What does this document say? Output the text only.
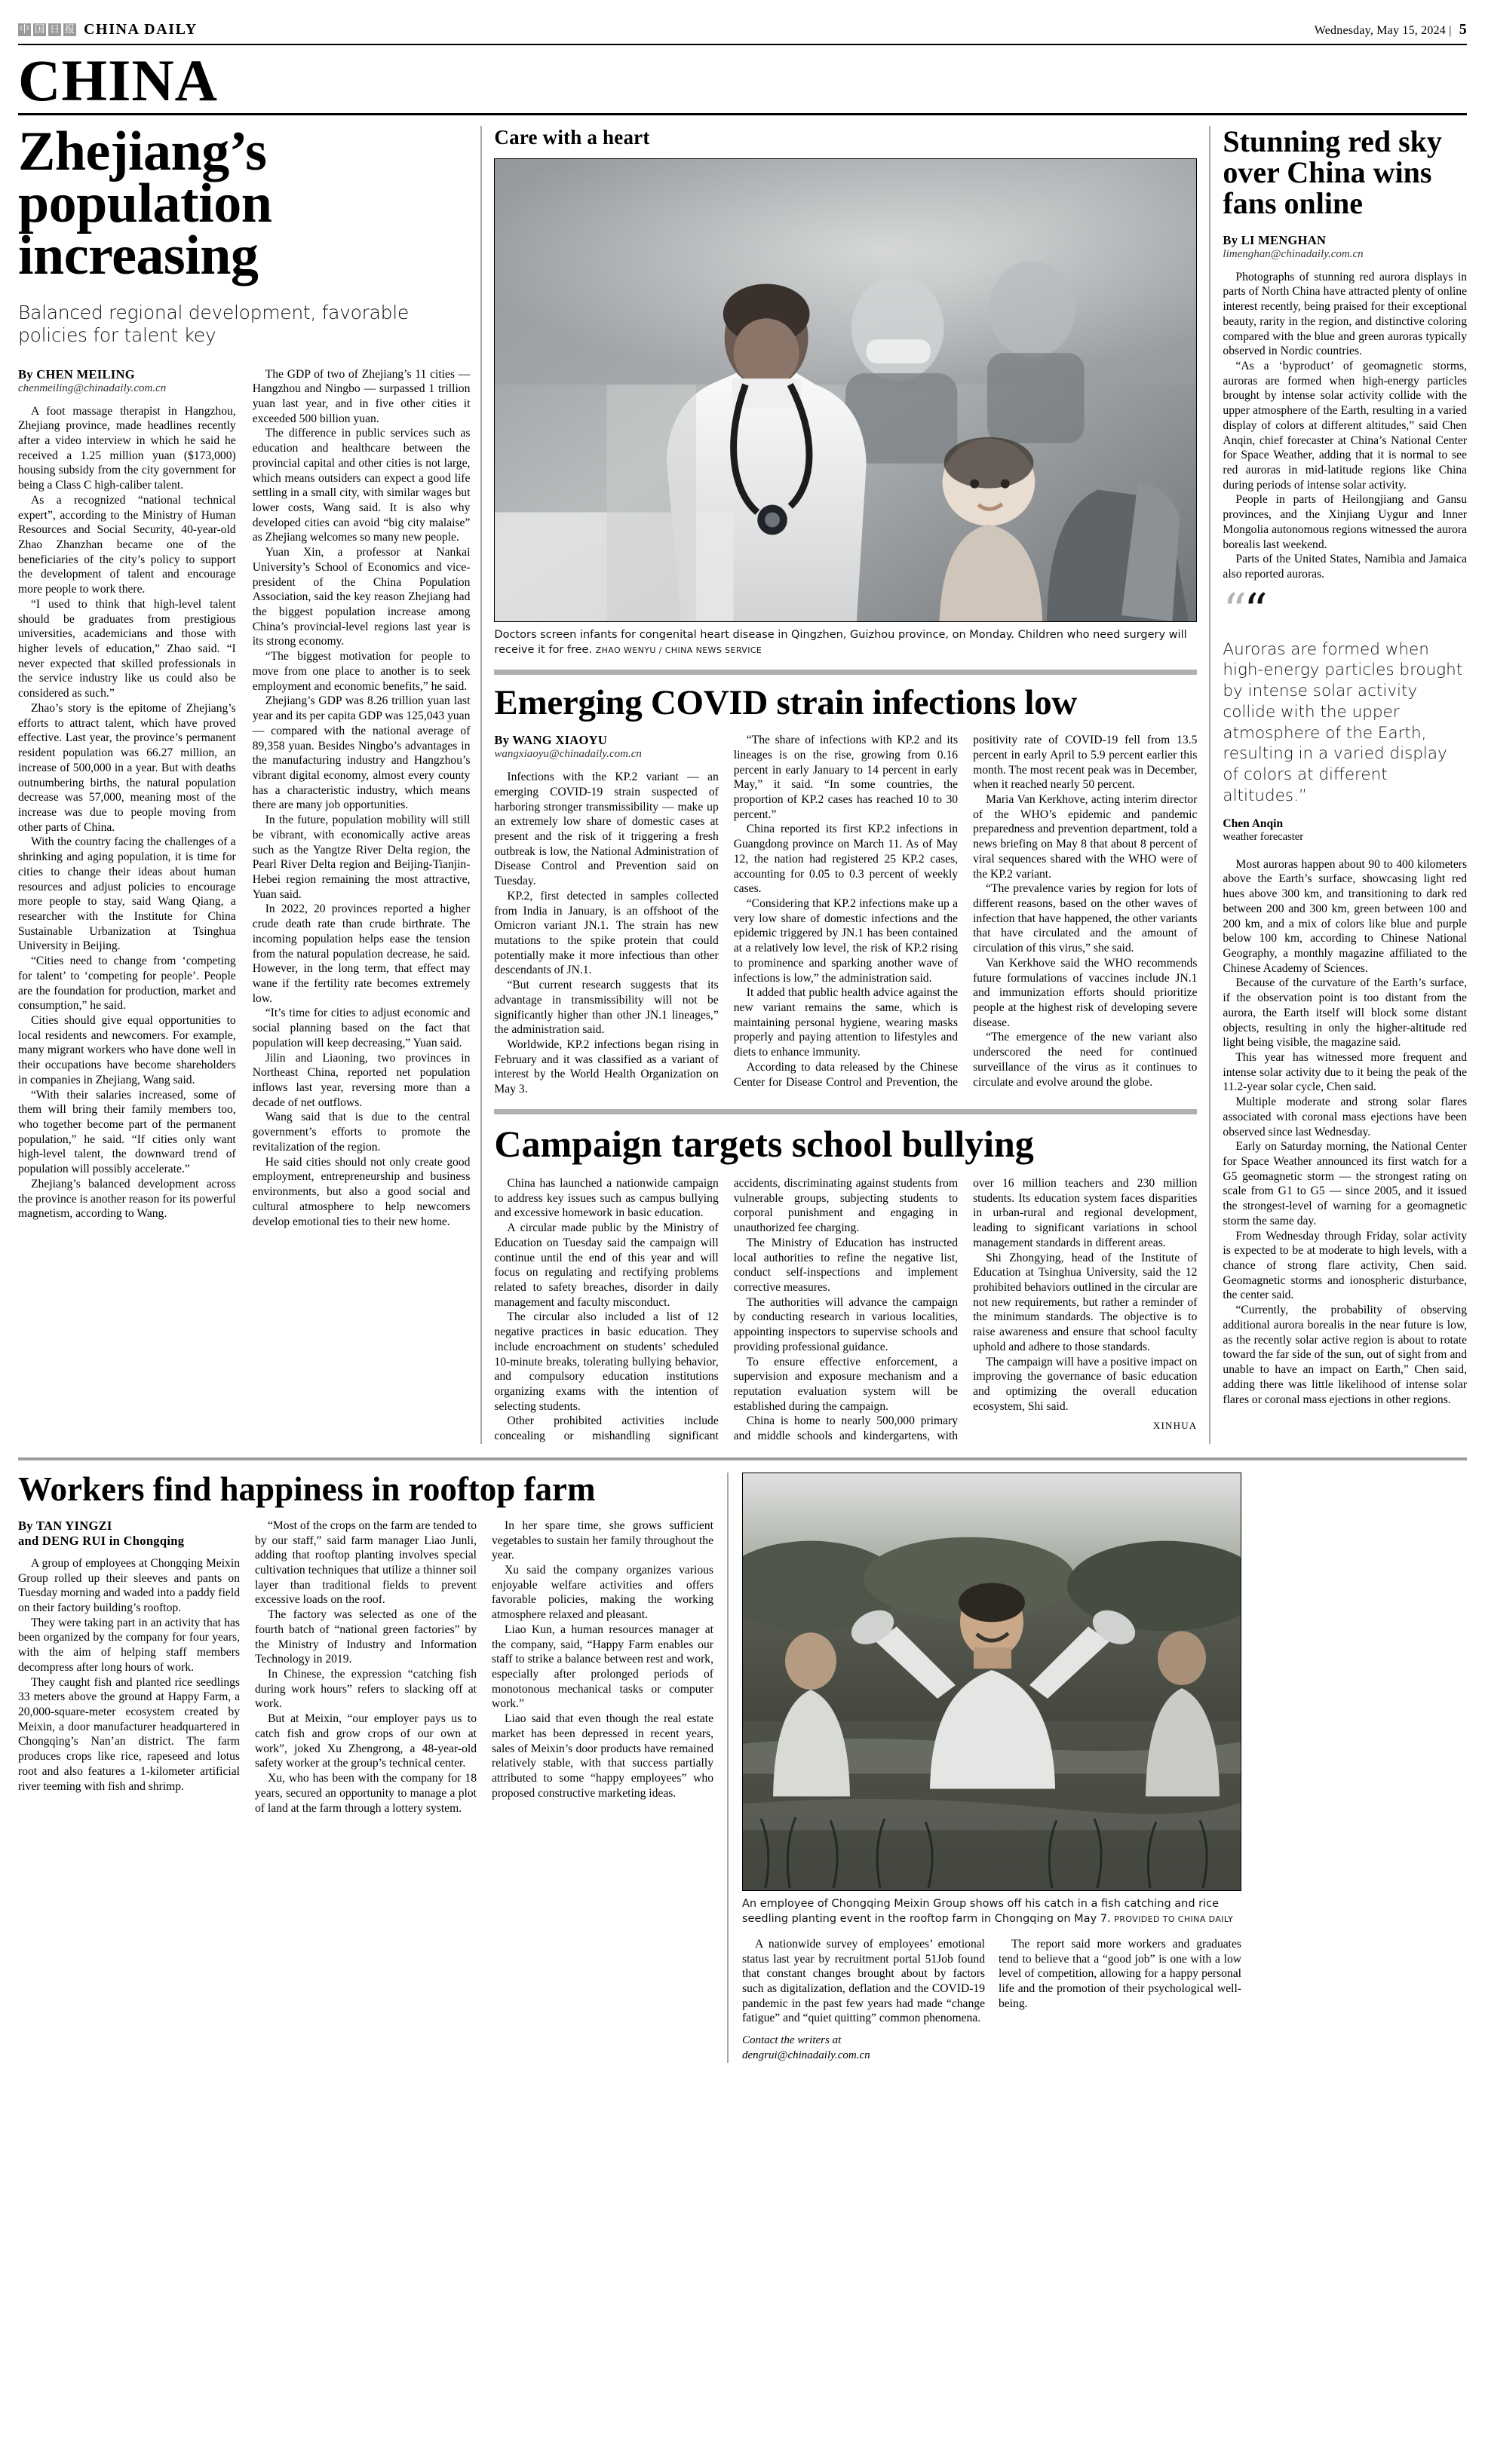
中 国 日 报 CHINA DAILY	Wednesday, May 15, 2024 | 5
CHINA
Zhejiang’s population increasing
Balanced regional development, favorable policies for talent key
By CHEN MEILING
chenmeiling@chinadaily.com.cn

A foot massage therapist in Hangzhou, Zhejiang province, made headlines recently after a video interview in which he said he received a 1.25 million yuan ($173,000) housing subsidy from the city government for being a Class C high-caliber talent.

As a recognized “national technical expert”, according to the Ministry of Human Resources and Social Security, 40-year-old Zhao Zhanzhan became one of the beneficiaries of the city’s policy to support the development of talent and encourage more people to work there.

“I used to think that high-level talent should be graduates from prestigious universities, academicians and those with higher levels of education,” Zhao said. “I never expected that skilled professionals in the service industry like us could also be considered as such.”

Zhao’s story is the epitome of Zhejiang’s efforts to attract talent, which have proved effective. Last year, the province’s permanent resident population was 66.27 million, an increase of 500,000 in a year. But with deaths outnumbering births, the natural population decrease was 57,000, meaning most of the increase was due to people moving from other parts of China.

With the country facing the challenges of a shrinking and aging population, it is time for cities to change their ideas about human resources and adjust policies to encourage more people to stay, said Wang Qiang, a researcher with the Institute for China Sustainable Urbanization at Tsinghua University in Beijing.

“Cities need to change from ‘competing for talent’ to ‘competing for people’. People are the foundation for production, market and consumption,” he said.

Cities should give equal opportunities to local residents and newcomers. For example, many migrant workers who have done well in their occupations have become shareholders in companies in Zhejiang, Wang said.

“With their salaries increased, some of them will bring their family members too, who together become part of the permanent population,” he said. “If cities only want high-level talent, the downward trend of population will possibly accelerate.”

Zhejiang’s balanced development across the province is another reason for its powerful magnetism, according to Wang.

The GDP of two of Zhejiang’s 11 cities — Hangzhou and Ningbo — surpassed 1 trillion yuan last year, and in five other cities it exceeded 500 billion yuan.

The difference in public services such as education and healthcare between the provincial capital and other cities is not large, which means outsiders can expect a good life settling in a small city, with similar wages but lower costs, Wang said. It is also why developed cities can avoid “big city malaise” as Zhejiang welcomes so many new people.

Yuan Xin, a professor at Nankai University’s School of Economics and vice-president of the China Population Association, said the key reason Zhejiang had the biggest population increase among China’s provincial-level regions last year is its strong economy.

“The biggest motivation for people to move from one place to another is to seek employment and economic benefits,” he said.

Zhejiang’s GDP was 8.26 trillion yuan last year and its per capita GDP was 125,043 yuan — compared with the national average of 89,358 yuan. Besides Ningbo’s advantages in the manufacturing industry and Hangzhou’s vibrant digital economy, almost every county has a characteristic industry, which means there are many job opportunities.

In the future, population mobility will still be vibrant, with economically active areas such as the Yangtze River Delta region, the Pearl River Delta region and Beijing-Tianjin-Hebei region remaining the most attractive, Yuan said.

In 2022, 20 provinces reported a higher crude death rate than crude birthrate. The incoming population helps ease the tension from the natural population decrease, he said. However, in the long term, that effect may wane if the fertility rate becomes extremely low.

“It’s time for cities to adjust economic and social planning based on the fact that population will keep decreasing,” Yuan said.

Jilin and Liaoning, two provinces in Northeast China, reported net population inflows last year, reversing more than a decade of net outflows.

Wang said that is due to the central government’s efforts to promote the revitalization of the region.

He said cities should not only create good employment, entrepreneurship and business environments, but also a good social and cultural atmosphere to help newcomers develop emotional ties to their new home.

Care with a heart
Doctors screen infants for congenital heart disease in Qingzhen, Guizhou province, on Monday. Children who need surgery will receive it for free. ZHAO WENYU / CHINA NEWS SERVICE
Emerging COVID strain infections low
By WANG XIAOYU
wangxiaoyu@chinadaily.com.cn

Infections with the KP.2 variant — an emerging COVID-19 strain suspected of harboring stronger transmissibility — make up an extremely low share of domestic cases at present and the risk of it triggering a fresh outbreak is low, the National Administration of Disease Control and Prevention said on Tuesday.

KP.2, first detected in samples collected from India in January, is an offshoot of the Omicron variant JN.1. The strain has new mutations to the spike protein that could potentially make it more infectious than other descendants of JN.1.

“But current research suggests that its advantage in transmissibility will not be significantly higher than other JN.1 lineages,” the administration said.

Worldwide, KP.2 infections began rising in February and it was classified as a variant of interest by the World Health Organization on May 3.

“The share of infections with KP.2 and its lineages is on the rise, growing from 0.16 percent in early January to 14 percent in early May,” it said. “In some countries, the proportion of KP.2 cases has reached 10 to 30 percent.”

China reported its first KP.2 infections in Guangdong province on March 11. As of May 12, the nation had registered 25 KP.2 cases, accounting for 0.05 to 0.3 percent of weekly cases.

“Considering that KP.2 infections make up a very low share of domestic infections and the epidemic triggered by JN.1 has been contained at a relatively low level, the risk of KP.2 rising to prominence and sparking another wave of infections is low,” the administration said.

It added that public health advice against the new variant remains the same, which is maintaining personal hygiene, wearing masks properly and paying attention to lifestyles and diets to enhance immunity.

According to data released by the Chinese Center for Disease Control and Prevention, the positivity rate of COVID-19 fell from 13.5 percent in early April to 5.9 percent earlier this month. The most recent peak was in December, when it reached nearly 50 percent.

Maria Van Kerkhove, acting interim director of the WHO’s epidemic and pandemic preparedness and prevention department, told a news briefing on May 8 that about 8 percent of viral sequences shared with the WHO were of the KP.2 variant.

“The prevalence varies by region for lots of different reasons, based on the other waves of infection that have happened, the other variants that have circulated and the amount of circulation of this virus,” she said.

Van Kerkhove said the WHO recommends future formulations of vaccines include JN.1 and immunization efforts should prioritize people at the highest risk of developing severe disease.

“The emergence of the new variant also underscored the need for continued surveillance of the virus as it continues to circulate and evolve around the globe.

Campaign targets school bullying

China has launched a nationwide campaign to address key issues such as campus bullying and excessive homework in basic education.

A circular made public by the Ministry of Education on Tuesday said the campaign will continue until the end of this year and will focus on regulating and rectifying problems related to safety breaches, disorder in daily management and faculty misconduct.

The circular also included a list of 12 negative practices in basic education. They include encroachment on students’ scheduled 10-minute breaks, tolerating bullying behavior, and compulsory education institutions organizing exams with the intention of selecting students.

Other prohibited activities include concealing or mishandling significant accidents, discriminating against students from vulnerable groups, subjecting students to corporal punishment and engaging in unauthorized fee charging.

The Ministry of Education has instructed local authorities to refine the negative list, conduct self-inspections and implement corrective measures.

The authorities will advance the campaign by conducting research in various localities, appointing inspectors to supervise schools and providing professional guidance.

To ensure effective enforcement, a supervision and exposure mechanism and a reputation evaluation system will be established during the campaign.

China is home to nearly 500,000 primary and middle schools and kindergartens, with over 16 million teachers and 230 million students. Its education system faces disparities in urban-rural and regional development, leading to significant variations in school management standards in different areas.

Shi Zhongying, head of the Institute of Education at Tsinghua University, said the 12 prohibited behaviors outlined in the circular are not new requirements, but rather a reminder of the minimum standards. The objective is to raise awareness and ensure that school faculty uphold and adhere to those standards.

The campaign will have a positive impact on improving the governance of basic education and optimizing the overall education ecosystem, Shi said.

XINHUA
Stunning red sky over China wins fans online
By LI MENGHAN
limenghan@chinadaily.com.cn

Photographs of stunning red aurora displays in parts of North China have attracted plenty of online interest recently, being praised for their exceptional beauty, rarity in the region, and distinctive coloring compared with the blue and green auroras typically observed in Nordic countries.

“As a ‘byproduct’ of geomagnetic storms, auroras are formed when high-energy particles brought by intense solar activity collide with the upper atmosphere of the Earth, resulting in a varied display of colors at different altitudes,” said Chen Anqin, chief forecaster at China’s National Center for Space Weather, adding that it is normal to see red auroras in mid-latitude regions like China during periods of intense solar activity.

People in parts of Heilongjiang and Gansu provinces, and the Xinjiang Uygur and Inner Mongolia autonomous regions witnessed the aurora borealis last weekend.

Parts of the United States, Namibia and Jamaica also reported auroras.

““
Auroras are formed when high-energy particles brought by intense solar activity collide with the upper atmosphere of the Earth, resulting in a varied display of colors at different altitudes.”
Chen Anqin
weather forecaster

Most auroras happen about 90 to 400 kilometers above the Earth’s surface, showcasing light red hues above 300 km, and transitioning to dark red between 200 and 300 km, green between 100 and 200 km, and a mix of colors like blue and purple below 100 km, according to Chinese National Geography, a monthly magazine affiliated to the Chinese Academy of Sciences.

Because of the curvature of the Earth’s surface, if the observation point is too distant from the aurora, the Earth itself will block some distant objects, resulting in only the higher-altitude red light being visible, the magazine said.

This year has witnessed more frequent and intense solar activity due to it being the peak of the 11.2-year solar cycle, Chen said.

Multiple moderate and strong solar flares associated with coronal mass ejections have been observed since last Wednesday.

Early on Saturday morning, the National Center for Space Weather announced its first watch for a G5 geomagnetic storm — the strongest rating on scale from G1 to G5 — since 2005, and it issued the strongest-level of warning for a geomagnetic storm the same day.

From Wednesday through Friday, solar activity is expected to be at moderate to high levels, with a chance of strong flare activity, Chen said. Geomagnetic storms and ionospheric disturbance, the center said.

“Currently, the probability of observing additional aurora borealis in the near future is low, as the recently solar active region is about to rotate toward the far side of the sun, out of sight from and unable to have an impact on Earth,” Chen said, adding there was little likelihood of intense solar flares or coronal mass ejections in other regions.

Workers find happiness in rooftop farm
By TAN YINGZI
and DENG RUI in Chongqing

A group of employees at Chongqing Meixin Group rolled up their sleeves and pants on Tuesday morning and waded into a paddy field on their factory building’s rooftop.

They were taking part in an activity that has been organized by the company for four years, with the aim of helping staff members decompress after long hours of work.

They caught fish and planted rice seedlings 33 meters above the ground at Happy Farm, a 20,000-square-meter ecosystem created by Meixin, a door manufacturer headquartered in Chongqing’s Nan’an district. The farm produces crops like rice, rapeseed and lotus root and also features a 1-kilometer artificial river teeming with fish and shrimp.

“Most of the crops on the farm are tended to by our staff,” said farm manager Liao Junli, adding that rooftop planting involves special cultivation techniques that utilize a thinner soil layer than traditional fields to prevent excessive loads on the roof.

The factory was selected as one of the fourth batch of “national green factories” by the Ministry of Industry and Information Technology in 2019.

In Chinese, the expression “catching fish during work hours” refers to slacking off at work.

But at Meixin, “our employer pays us to catch fish and grow crops of our own at work”, joked Xu Zhengrong, a 48-year-old safety worker at the group’s technical center.

Xu, who has been with the company for 18 years, secured an opportunity to manage a plot of land at the farm through a lottery system.

In her spare time, she grows sufficient vegetables to sustain her family throughout the year.

Xu said the company organizes various enjoyable welfare activities and offers favorable policies, making the working atmosphere relaxed and pleasant.

Liao Kun, a human resources manager at the company, said, “Happy Farm enables our staff to strike a balance between rest and work, especially after prolonged periods of monotonous mechanical tasks or computer work.”

Liao said that even though the real estate market has been depressed in recent years, sales of Meixin’s door products have remained relatively stable, with that success partially attributed to some “happy employees” who proposed constructive marketing ideas.

An employee of Chongqing Meixin Group shows off his catch in a fish catching and rice seedling planting event in the rooftop farm in Chongqing on May 7. PROVIDED TO CHINA DAILY

A nationwide survey of employees’ emotional status last year by recruitment portal 51Job found that constant changes brought about by factors such as digitalization, deflation and the COVID-19 pandemic in the past few years had made “change fatigue” and “quiet quitting” common phenomena.

Contact the writers at
dengrui@chinadaily.com.cn

The report said more workers and graduates tend to believe that a “good job” is one with a low level of competition, allowing for a happy personal life and the promotion of their psychological well-being.
